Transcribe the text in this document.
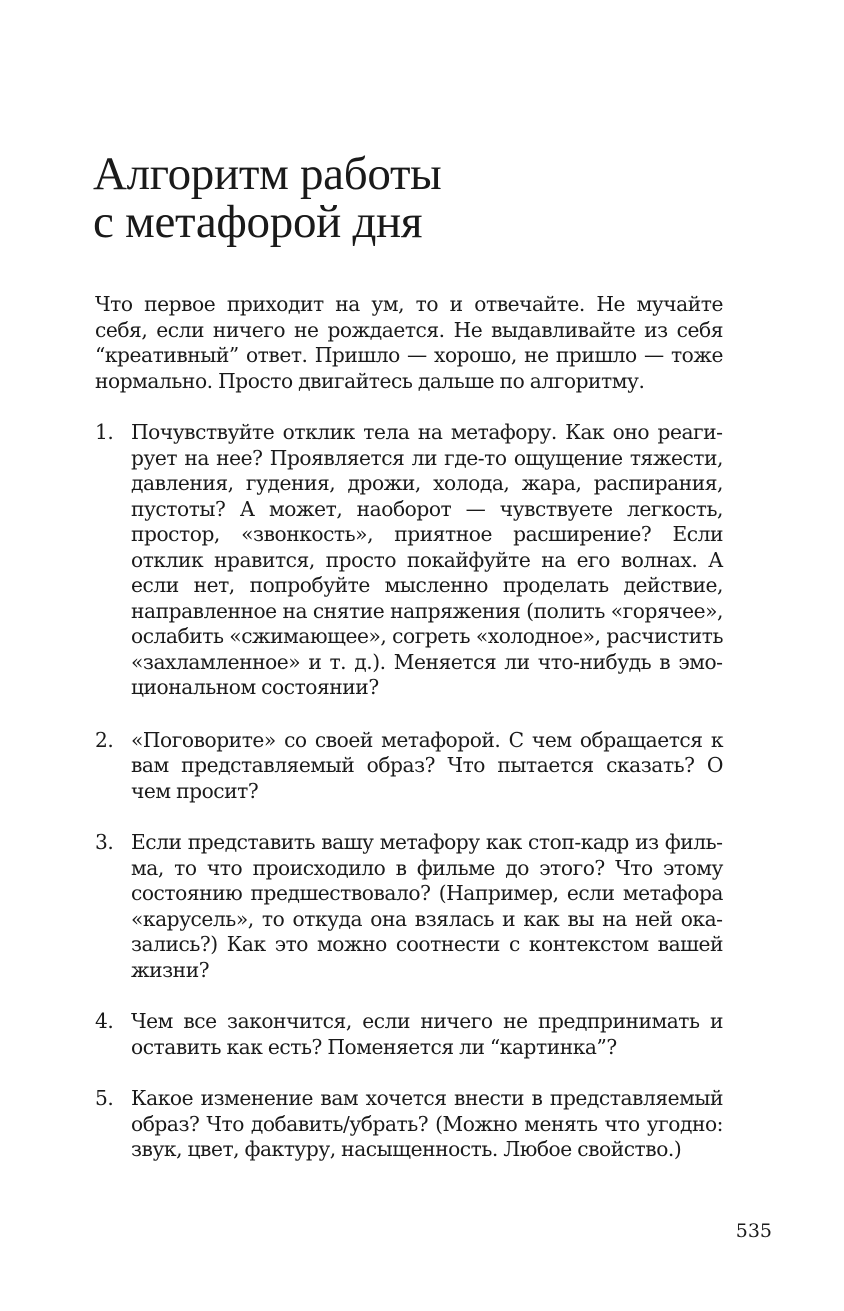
Алгоритм работы
с метафорой дня

Что первое приходит на ум, то и отвечайте. Не мучайте себя, если ничего не рождается. Не выдавливайте из себя “креативный” ответ. Пришло — хорошо, не пришло — тоже нормально. Просто двигайтесь дальше по алгоритму.

1. Почувствуйте отклик тела на метафору. Как оно реагирует на нее? Проявляется ли где-то ощущение тяжести, давления, гудения, дрожи, холода, жара, распирания, пустоты? А может, наоборот — чувствуете легкость, простор, «звонкость», приятное расширение? Если отклик нравится, просто покайфуйте на его волнах. А если нет, попробуйте мысленно проделать действие, направленное на снятие напряжения (полить «горячее», ослабить «сжимающее», согреть «холодное», расчистить «захламленное» и т. д.). Меняется ли что-нибудь в эмоциональном состоянии?
2. «Поговорите» со своей метафорой. С чем обращается к вам представляемый образ? Что пытается сказать? О чем просит?
3. Если представить вашу метафору как стоп-кадр из фильма, то что происходило в фильме до этого? Что этому состоянию предшествовало? (Например, если метафора «карусель», то откуда она взялась и как вы на ней оказались?) Как это можно соотнести с контекстом вашей жизни?
4. Чем все закончится, если ничего не предпринимать и оставить как есть? Поменяется ли “картинка”?
5. Какое изменение вам хочется внести в представляемый образ? Что добавить/убрать? (Можно менять что угодно: звук, цвет, фактуру, насыщенность. Любое свойство.)

535
